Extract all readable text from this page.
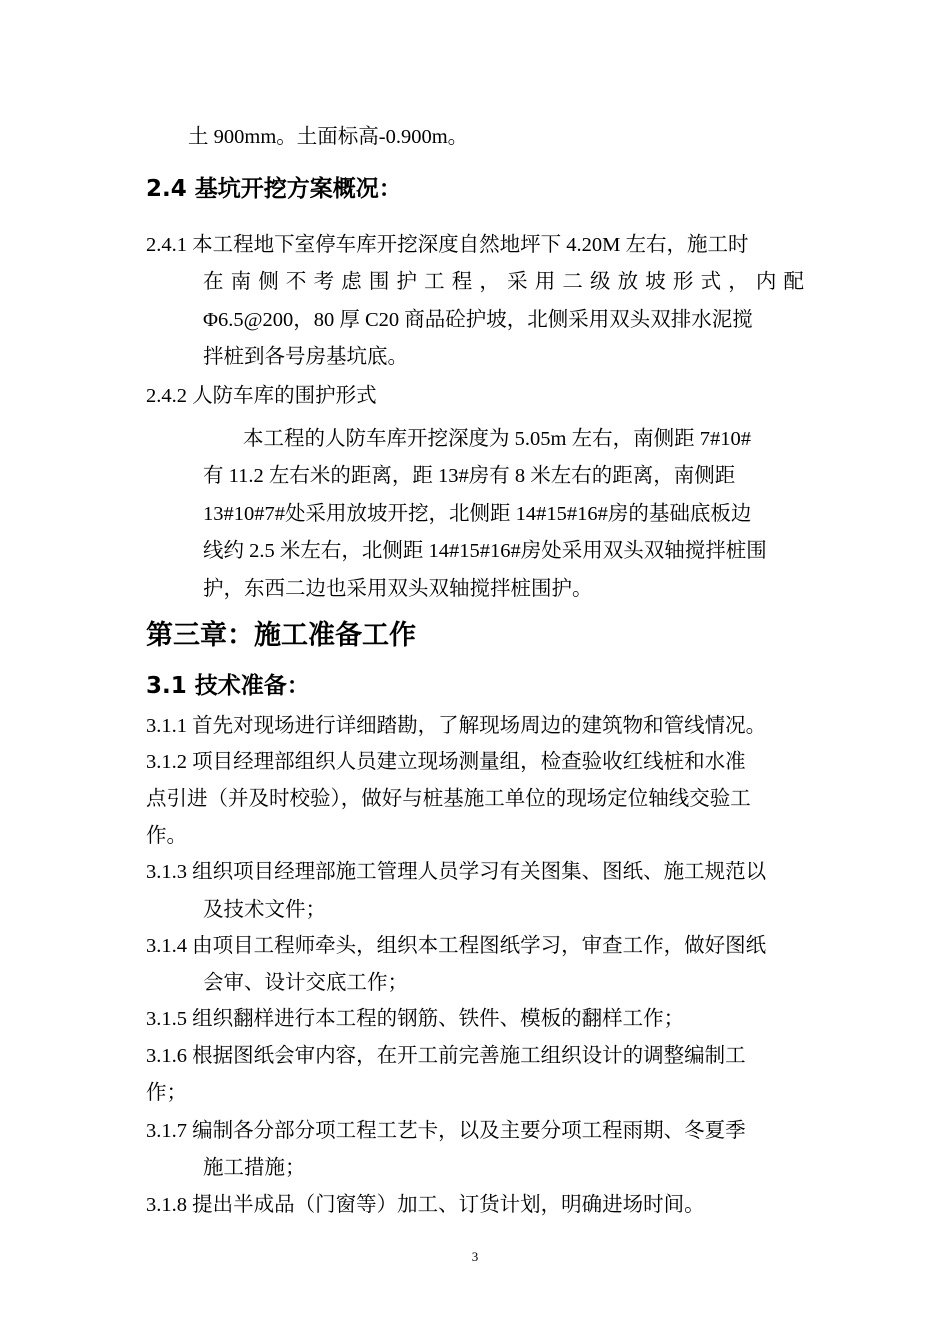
土 900mm。土面标高-0.900m。
2.4 基坑开挖方案概况：
2.4.1 本工程地下室停车库开挖深度自然地坪下 4.20M 左右，施工时
在南侧不考虑围护工程，采用二级放坡形式，内配
Φ6.5@200，80 厚 C20 商品砼护坡，北侧采用双头双排水泥搅
拌桩到各号房基坑底。
2.4.2 人防车库的围护形式
本工程的人防车库开挖深度为 5.05m 左右，南侧距 7#10#
有 11.2 左右米的距离，距 13#房有 8 米左右的距离，南侧距
13#10#7#处采用放坡开挖，北侧距 14#15#16#房的基础底板边
线约 2.5 米左右，北侧距 14#15#16#房处采用双头双轴搅拌桩围
护，东西二边也采用双头双轴搅拌桩围护。
第三章：施工准备工作
3.1 技术准备：
3.1.1 首先对现场进行详细踏勘，了解现场周边的建筑物和管线情况。
3.1.2 项目经理部组织人员建立现场测量组，检查验收红线桩和水准
点引进（并及时校验），做好与桩基施工单位的现场定位轴线交验工
作。
3.1.3 组织项目经理部施工管理人员学习有关图集、图纸、施工规范以
及技术文件；
3.1.4 由项目工程师牵头，组织本工程图纸学习，审查工作，做好图纸
会审、设计交底工作；
3.1.5 组织翻样进行本工程的钢筋、铁件、模板的翻样工作；
3.1.6 根据图纸会审内容，在开工前完善施工组织设计的调整编制工
作；
3.1.7 编制各分部分项工程工艺卡，以及主要分项工程雨期、冬夏季
施工措施；
3.1.8 提出半成品（门窗等）加工、订货计划，明确进场时间。
3
